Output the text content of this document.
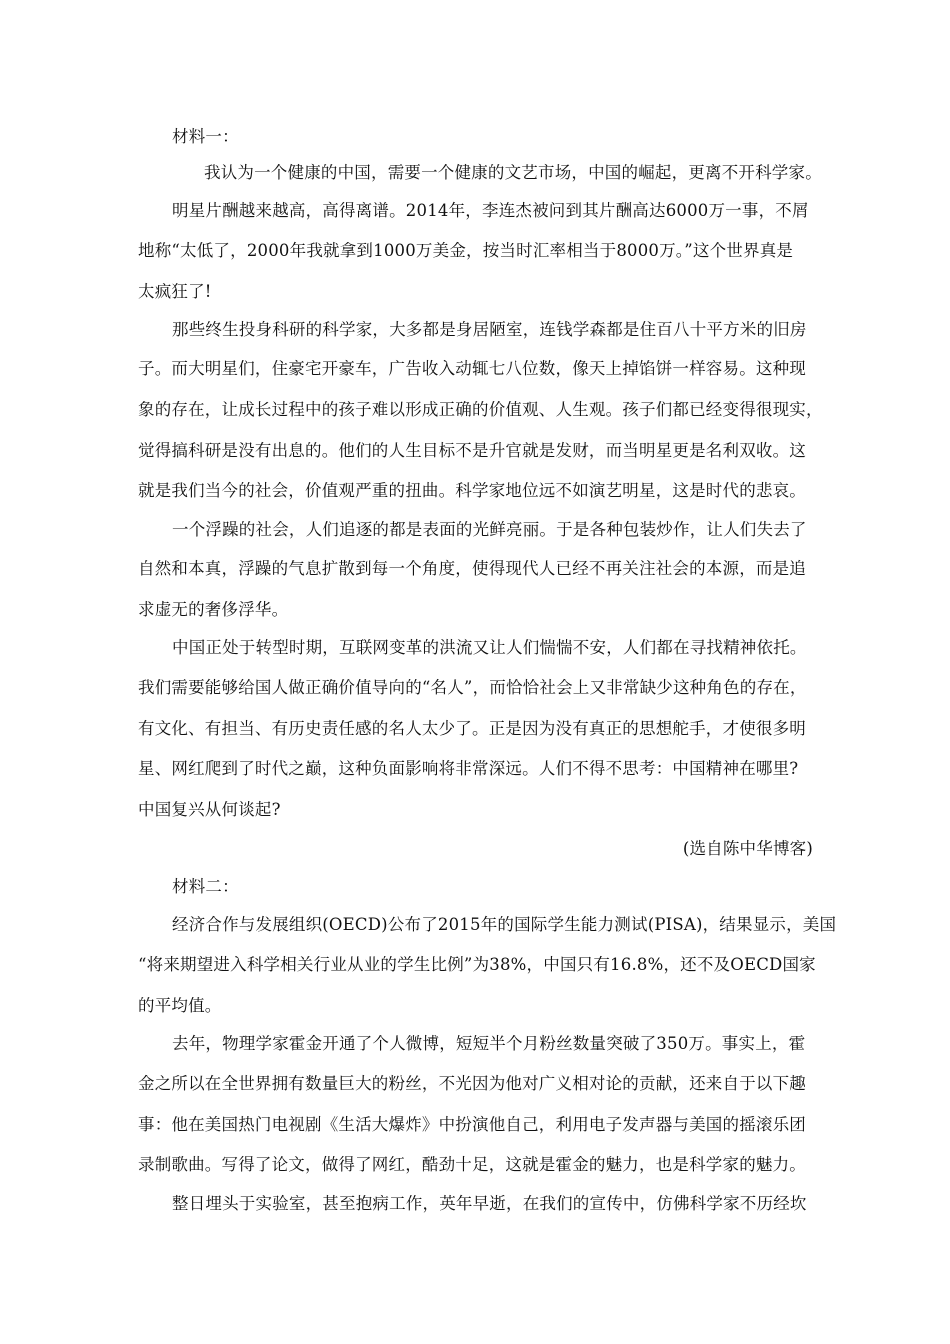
材料一：
我认为一个健康的中国，需要一个健康的文艺市场，中国的崛起，更离不开科学家。
明星片酬越来越高，高得离谱。2014年，李连杰被问到其片酬高达6000万一事，不屑
地称“太低了，2000年我就拿到1000万美金，按当时汇率相当于8000万。”这个世界真是
太疯狂了!
那些终生投身科研的科学家，大多都是身居陋室，连钱学森都是住百八十平方米的旧房
子。而大明星们，住豪宅开豪车，广告收入动辄七八位数，像天上掉馅饼一样容易。这种现
象的存在，让成长过程中的孩子难以形成正确的价值观、人生观。孩子们都已经变得很现实，
觉得搞科研是没有出息的。他们的人生目标不是升官就是发财，而当明星更是名利双收。这
就是我们当今的社会，价值观严重的扭曲。科学家地位远不如演艺明星，这是时代的悲哀。
一个浮躁的社会，人们追逐的都是表面的光鲜亮丽。于是各种包装炒作，让人们失去了
自然和本真，浮躁的气息扩散到每一个角度，使得现代人已经不再关注社会的本源，而是追
求虚无的奢侈浮华。
中国正处于转型时期，互联网变革的洪流又让人们惴惴不安，人们都在寻找精神依托。
我们需要能够给国人做正确价值导向的“名人”，而恰恰社会上又非常缺少这种角色的存在，
有文化、有担当、有历史责任感的名人太少了。正是因为没有真正的思想舵手，才使很多明
星、网红爬到了时代之巅，这种负面影响将非常深远。人们不得不思考：中国精神在哪里?
中国复兴从何谈起?
(选自陈中华博客)
材料二：
经济合作与发展组织(OECD)公布了2015年的国际学生能力测试(PISA)，结果显示，美国
“将来期望进入科学相关行业从业的学生比例”为38%，中国只有16.8%，还不及OECD国家
的平均值。
去年，物理学家霍金开通了个人微博，短短半个月粉丝数量突破了350万。事实上，霍
金之所以在全世界拥有数量巨大的粉丝，不光因为他对广义相对论的贡献，还来自于以下趣
事：他在美国热门电视剧《生活大爆炸》中扮演他自己，利用电子发声器与美国的摇滚乐团
录制歌曲。写得了论文，做得了网红，酷劲十足，这就是霍金的魅力，也是科学家的魅力。
整日埋头于实验室，甚至抱病工作，英年早逝，在我们的宣传中，仿佛科学家不历经坎
